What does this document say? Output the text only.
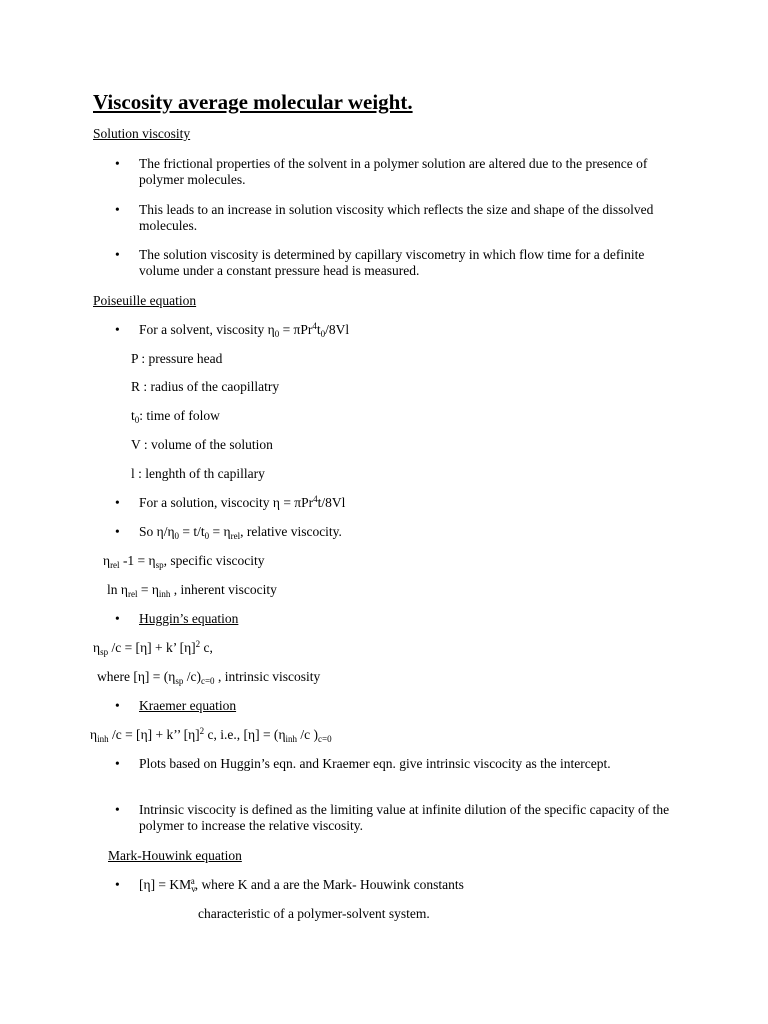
Viscosity average molecular weight.
Solution viscosity
• The frictional properties of the solvent in a polymer solution are altered due to the presence of polymer molecules.
• This leads to an increase in solution viscosity which reflects the size and shape of the dissolved molecules.
• The solution viscosity is determined by capillary viscometry in which flow time for a definite volume under a constant pressure head is measured.
Poiseuille equation
• For a solvent, viscosity $\eta_0 = \pi Pr^4t_0/8Vl$
P : pressure head
R : radius of the caopillatry
$t_0$: time of folow
V : volume of the solution
l : lenghth of th capillary
• For a solution, viscocity η = πPr$^4$t/8Vl
• So $\eta/\eta_0 = t/t_0 = \eta_{rel}$, relative viscocity.
$\eta_{rel}$ $-1 = \eta_{sp}$, specific viscocity
$\ln \eta_{rel} = \eta_{inh}$ , inherent viscocity
• Huggin’s equation
$\eta_{sp}$ /c = [η] + k’ $[\eta]^2$ c,
where $[\eta] = (\eta_{sp}$ $/c)_{c=0}$ , intrinsic viscosity
• Kraemer equation
$\eta_{inh}$ /c = [η] + k’’ $[\eta]^2$ c, i.e., $[\eta] = (\eta_{inh}$ /c )$_{c=0}$
• Plots based on Huggin’s eqn. and Kraemer eqn. give intrinsic viscocity as the intercept.
• Intrinsic viscocity is defined as the limiting value at infinite dilution of the specific capacity of the polymer to increase the relative viscosity.
Mark-Houwink equation
• $[\eta] = KM_v^a$, where K and a are the Mark- Houwink constants
characteristic of a polymer-solvent system.
